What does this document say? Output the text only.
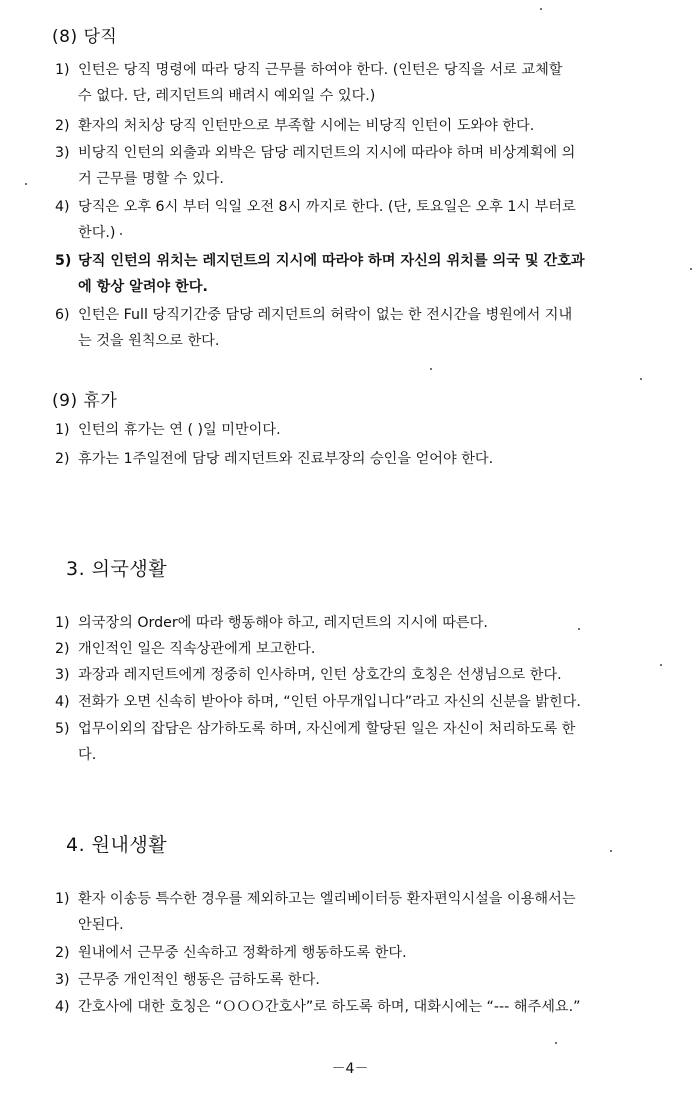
(8) 당직
1) 인턴은 당직 명령에 따라 당직 근무를 하여야 한다. (인턴은 당직을 서로 교체할
수 없다. 단, 레지던트의 배려시 예외일 수 있다.)
2) 환자의 처치상 당직 인턴만으로 부족할 시에는 비당직 인턴이 도와야 한다.
3) 비당직 인턴의 외출과 외박은 담당 레지던트의 지시에 따라야 하며 비상계획에 의
거 근무를 명할 수 있다.
4) 당직은 오후 6시 부터 익일 오전 8시 까지로 한다. (단, 토요일은 오후 1시 부터로
한다.)
5) 당직 인턴의 위치는 레지던트의 지시에 따라야 하며 자신의 위치를 의국 및 간호과
에 항상 알려야 한다.
6) 인턴은 Full 당직기간중 담당 레지던트의 허락이 없는 한 전시간을 병원에서 지내
는 것을 원칙으로 한다.
(9) 휴가
1) 인턴의 휴가는 연 ( )일 미만이다.
2) 휴가는 1주일전에 담당 레지던트와 진료부장의 승인을 얻어야 한다.
3. 의국생활
1) 의국장의 Order에 따라 행동해야 하고, 레지던트의 지시에 따른다.
2) 개인적인 일은 직속상관에게 보고한다.
3) 과장과 레지던트에게 정중히 인사하며, 인턴 상호간의 호칭은 선생님으로 한다.
4) 전화가 오면 신속히 받아야 하며, “인턴 아무개입니다”라고 자신의 신분을 밝힌다.
5) 업무이외의 잡담은 삼가하도록 하며, 자신에게 할당된 일은 자신이 처리하도록 한
다.
4. 원내생활
1) 환자 이송등 특수한 경우를 제외하고는 엘리베이터등 환자편익시설을 이용해서는
안된다.
2) 원내에서 근무중 신속하고 정확하게 행동하도록 한다.
3) 근무중 개인적인 행동은 금하도록 한다.
4) 간호사에 대한 호칭은 “ＯＯＯ간호사”로 하도록 하며, 대화시에는 “--- 해주세요.”
－4－
